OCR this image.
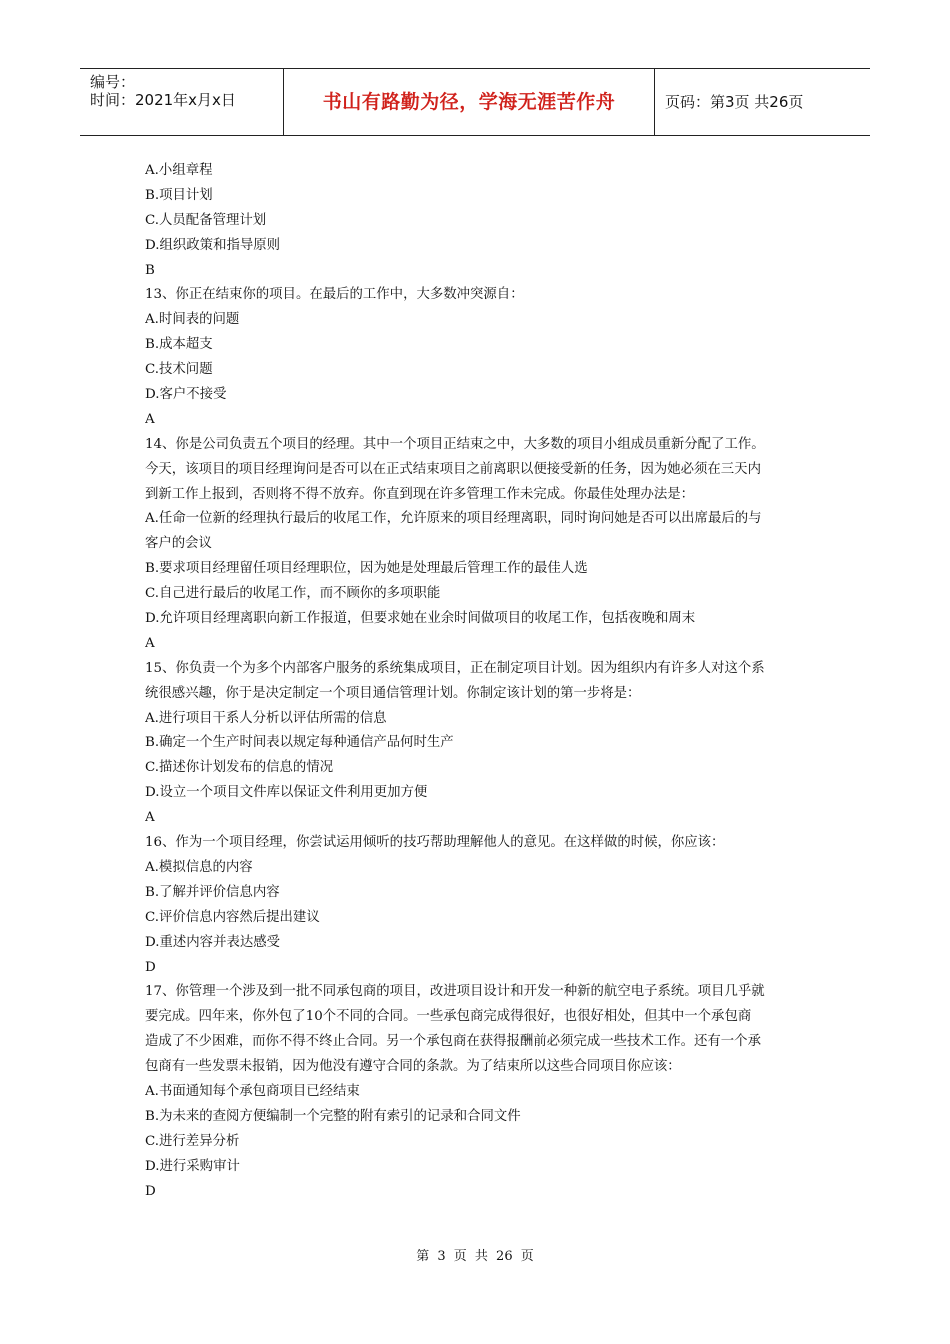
编号：
时间：2021年x月x日	书山有路勤为径，学海无涯苦作舟	页码：第3页 共26页
A.小组章程
B.项目计划
C.人员配备管理计划
D.组织政策和指导原则
B
13、你正在结束你的项目。在最后的工作中，大多数冲突源自：
A.时间表的问题
B.成本超支
C.技术问题
D.客户不接受
A
14、你是公司负责五个项目的经理。其中一个项目正结束之中，大多数的项目小组成员重新分配了工作。
今天，该项目的项目经理询问是否可以在正式结束项目之前离职以便接受新的任务，因为她必须在三天内
到新工作上报到，否则将不得不放弃。你直到现在许多管理工作未完成。你最佳处理办法是：
A.任命一位新的经理执行最后的收尾工作，允许原来的项目经理离职，同时询问她是否可以出席最后的与
客户的会议
B.要求项目经理留任项目经理职位，因为她是处理最后管理工作的最佳人选
C.自己进行最后的收尾工作，而不顾你的多项职能
D.允许项目经理离职向新工作报道，但要求她在业余时间做项目的收尾工作，包括夜晚和周末
A
15、你负责一个为多个内部客户服务的系统集成项目，正在制定项目计划。因为组织内有许多人对这个系
统很感兴趣，你于是决定制定一个项目通信管理计划。你制定该计划的第一步将是：
A.进行项目干系人分析以评估所需的信息
B.确定一个生产时间表以规定每种通信产品何时生产
C.描述你计划发布的信息的情况
D.设立一个项目文件库以保证文件利用更加方便
A
16、作为一个项目经理，你尝试运用倾听的技巧帮助理解他人的意见。在这样做的时候，你应该：
A.模拟信息的内容
B.了解并评价信息内容
C.评价信息内容然后提出建议
D.重述内容并表达感受
D
17、你管理一个涉及到一批不同承包商的项目，改进项目设计和开发一种新的航空电子系统。项目几乎就
要完成。四年来，你外包了10个不同的合同。一些承包商完成得很好，也很好相处，但其中一个承包商
造成了不少困难，而你不得不终止合同。另一个承包商在获得报酬前必须完成一些技术工作。还有一个承
包商有一些发票未报销，因为他没有遵守合同的条款。为了结束所以这些合同项目你应该：
A.书面通知每个承包商项目已经结束
B.为未来的查阅方便编制一个完整的附有索引的记录和合同文件
C.进行差异分析
D.进行采购审计
D
第 3 页 共 26 页
